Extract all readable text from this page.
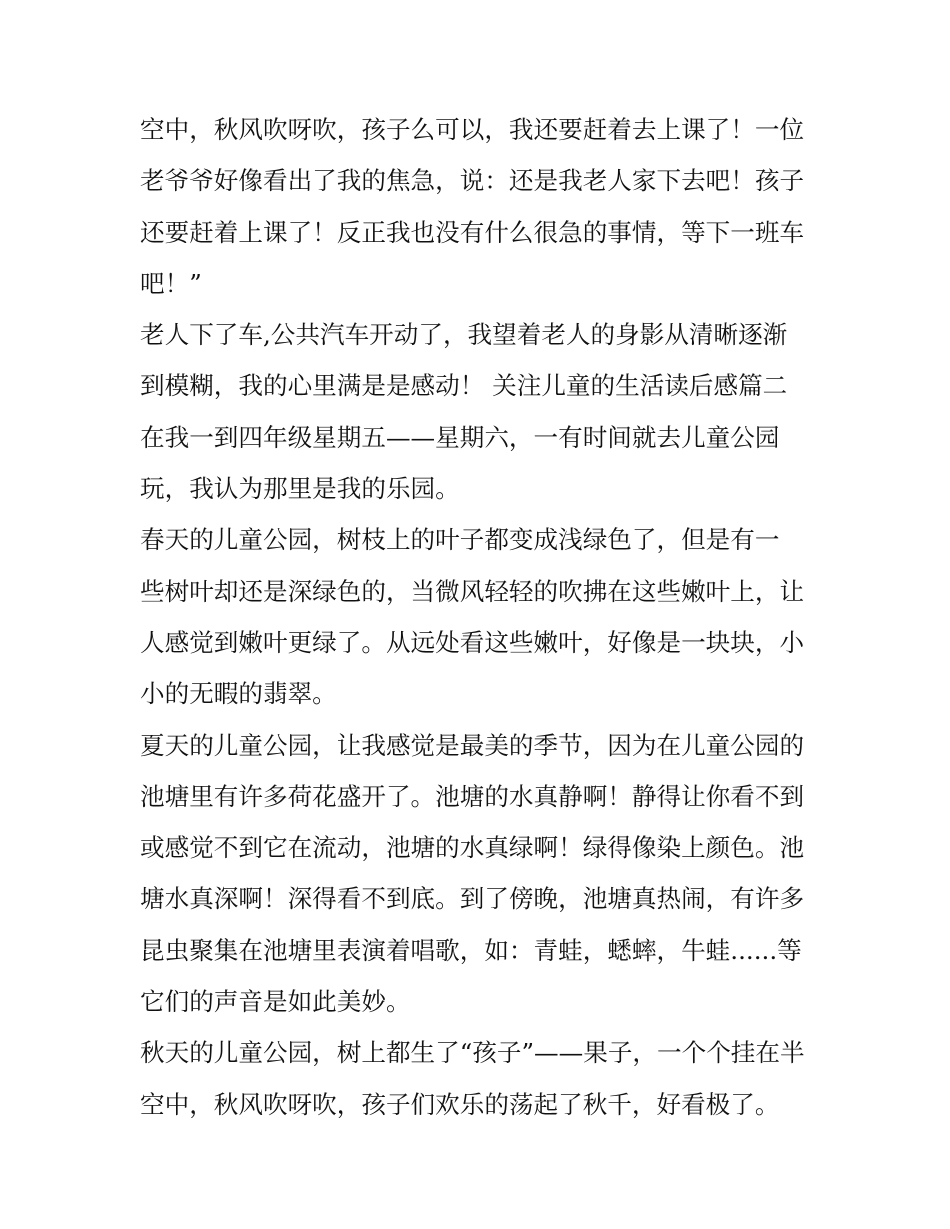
空中，秋风吹呀吹，孩子么可以，我还要赶着去上课了！一位
老爷爷好像看出了我的焦急，说：还是我老人家下去吧！孩子
还要赶着上课了！反正我也没有什么很急的事情，等下一班车
吧！”
老人下了车,公共汽车开动了，我望着老人的身影从清晰逐渐
到模糊，我的心里满是是感动！ 关注儿童的生活读后感篇二
在我一到四年级星期五——星期六，一有时间就去儿童公园
玩，我认为那里是我的乐园。
春天的儿童公园，树枝上的叶子都变成浅绿色了，但是有一
些树叶却还是深绿色的，当微风轻轻的吹拂在这些嫩叶上，让
人感觉到嫩叶更绿了。从远处看这些嫩叶，好像是一块块，小
小的无暇的翡翠。
夏天的儿童公园，让我感觉是最美的季节，因为在儿童公园的
池塘里有许多荷花盛开了。池塘的水真静啊！静得让你看不到
或感觉不到它在流动，池塘的水真绿啊！绿得像染上颜色。池
塘水真深啊！深得看不到底。到了傍晚，池塘真热闹，有许多
昆虫聚集在池塘里表演着唱歌，如：青蛙，蟋蟀，牛蛙......等
它们的声音是如此美妙。
秋天的儿童公园，树上都生了“孩子”——果子，一个个挂在半
空中，秋风吹呀吹，孩子们欢乐的荡起了秋千，好看极了。
